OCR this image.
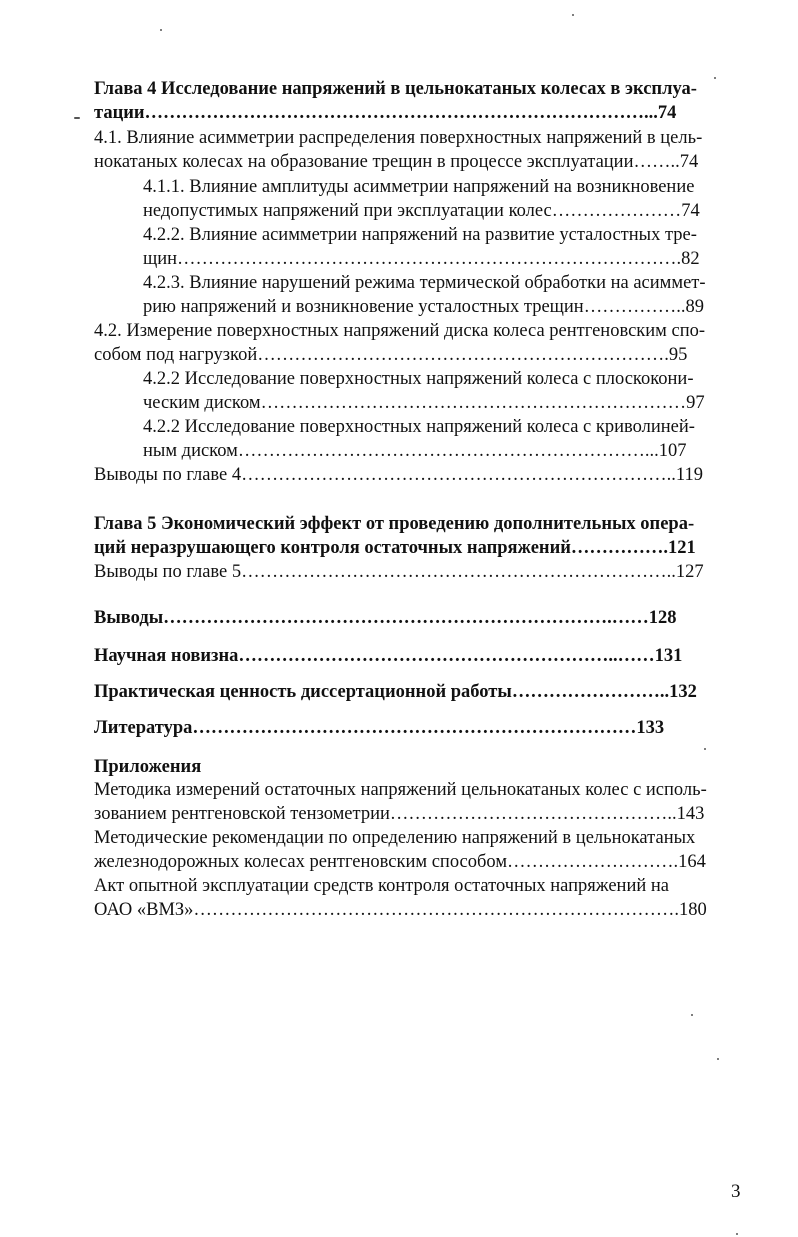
Глава 4 Исследование напряжений в цельнокатаных колесах в эксплуа-
тации………………………………………………………………………...74
4.1. Влияние асимметрии распределения поверхностных напряжений в цель-
нокатаных колесах на образование трещин в процессе эксплуатации……..74
4.1.1. Влияние амплитуды асимметрии напряжений на возникновение
недопустимых напряжений при эксплуатации колес…………………74
4.2.2. Влияние асимметрии напряжений на развитие усталостных тре-
щин……………………………………………………………………….82
4.2.3. Влияние нарушений режима термической обработки на асиммет-
рию напряжений и возникновение усталостных трещин……………..89
4.2. Измерение поверхностных напряжений диска колеса рентгеновским спо-
собом под нагрузкой………………………………………………………….95
4.2.2 Исследование поверхностных напряжений колеса с плоскокони-
ческим диском……………………………………………………………97
4.2.2 Исследование поверхностных напряжений колеса с криволиней-
ным диском…………………………………………………………...107
Выводы по главе 4……………………………………………………………..119
Глава 5 Экономический эффект от проведению дополнительных опера-
ций неразрушающего контроля остаточных напряжений…………….121
Выводы по главе 5……………………………………………………………..127
Выводы……………………………………………………………….……128
Научная новизна……………………………………………………..……131
Практическая ценность диссертационной работы……………………..132
Литература………………………………………………………………133
Приложения
Методика измерений остаточных напряжений цельнокатаных колес с исполь-
зованием рентгеновской тензометрии………………………………………..143
Методические рекомендации по определению напряжений в цельнокатаных
железнодорожных колесах рентгеновским способом……………………….164
Акт опытной эксплуатации средств контроля остаточных напряжений на
ОАО «ВМЗ»…………………………………………………………………….180
3
